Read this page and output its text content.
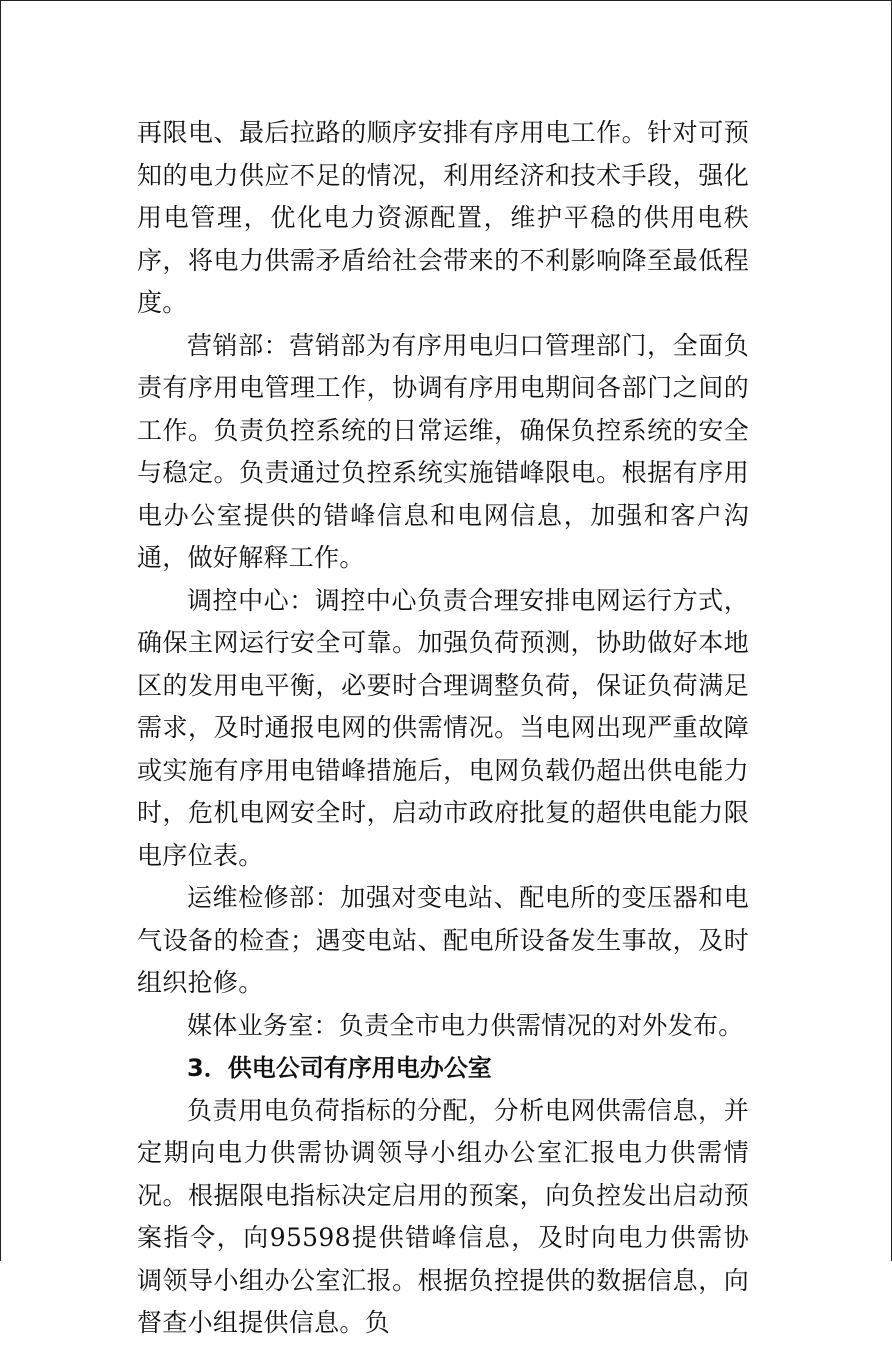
再限电、最后拉路的顺序安排有序用电工作。针对可预知的电力供应不足的情况，利用经济和技术手段，强化用电管理，优化电力资源配置，维护平稳的供用电秩序，将电力供需矛盾给社会带来的不利影响降至最低程度。

营销部：营销部为有序用电归口管理部门，全面负责有序用电管理工作，协调有序用电期间各部门之间的工作。负责负控系统的日常运维，确保负控系统的安全与稳定。负责通过负控系统实施错峰限电。根据有序用电办公室提供的错峰信息和电网信息，加强和客户沟通，做好解释工作。

调控中心：调控中心负责合理安排电网运行方式，确保主网运行安全可靠。加强负荷预测，协助做好本地区的发用电平衡，必要时合理调整负荷，保证负荷满足需求，及时通报电网的供需情况。当电网出现严重故障或实施有序用电错峰措施后，电网负载仍超出供电能力时，危机电网安全时，启动市政府批复的超供电能力限电序位表。

运维检修部：加强对变电站、配电所的变压器和电气设备的检查；遇变电站、配电所设备发生事故，及时组织抢修。

媒体业务室：负责全市电力供需情况的对外发布。

3．供电公司有序用电办公室

负责用电负荷指标的分配，分析电网供需信息，并定期向电力供需协调领导小组办公室汇报电力供需情况。根据限电指标决定启用的预案，向负控发出启动预案指令，向95598提供错峰信息，及时向电力供需协调领导小组办公室汇报。根据负控提供的数据信息，向督查小组提供信息。负
